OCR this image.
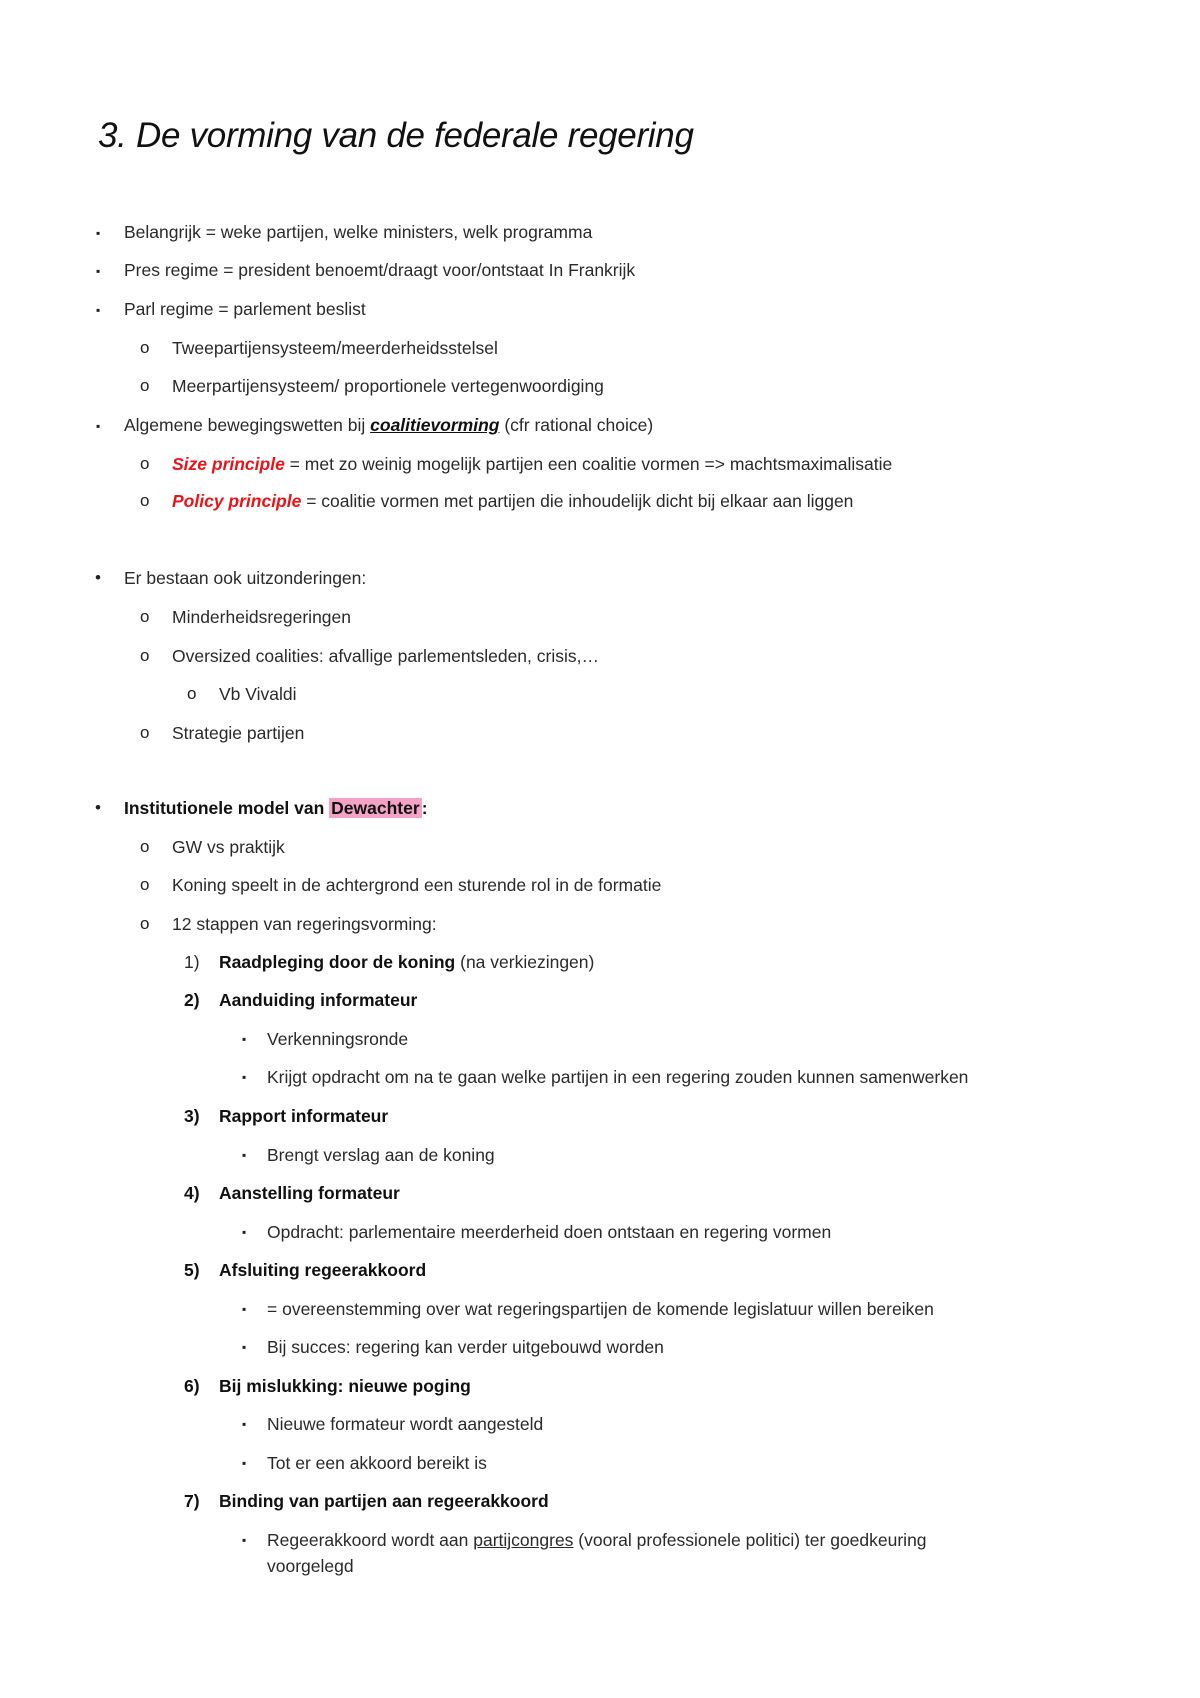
3. De vorming van de federale regering
▪ Belangrijk = weke partijen, welke ministers, welk programma
▪ Pres regime = president benoemt/draagt voor/ontstaat In Frankrijk
▪ Parl regime = parlement beslist
o Tweepartijensysteem/meerderheidsstelsel
o Meerpartijensysteem/ proportionele vertegenwoordiging
▪ Algemene bewegingswetten bij coalitievorming (cfr rational choice)
o Size principle = met zo weinig mogelijk partijen een coalitie vormen => machtsmaximalisatie
o Policy principle = coalitie vormen met partijen die inhoudelijk dicht bij elkaar aan liggen
• Er bestaan ook uitzonderingen:
o Minderheidsregeringen
o Oversized coalities: afvallige parlementsleden, crisis,…
o Vb Vivaldi
o Strategie partijen
• Institutionele model van Dewachter :
o GW vs praktijk
o Koning speelt in de achtergrond een sturende rol in de formatie
o 12 stappen van regeringsvorming:
1) Raadpleging door de koning (na verkiezingen)
2) Aanduiding informateur
▪ Verkenningsronde
▪ Krijgt opdracht om na te gaan welke partijen in een regering zouden kunnen samenwerken
3) Rapport informateur
▪ Brengt verslag aan de koning
4) Aanstelling formateur
▪ Opdracht: parlementaire meerderheid doen ontstaan en regering vormen
5) Afsluiting regeerakkoord
▪ = overeenstemming over wat regeringspartijen de komende legislatuur willen bereiken
▪ Bij succes: regering kan verder uitgebouwd worden
6) Bij mislukking: nieuwe poging
▪ Nieuwe formateur wordt aangesteld
▪ Tot er een akkoord bereikt is
7) Binding van partijen aan regeerakkoord
▪ Regeerakkoord wordt aan partijcongres (vooral professionele politici) ter goedkeuring
voorgelegd
